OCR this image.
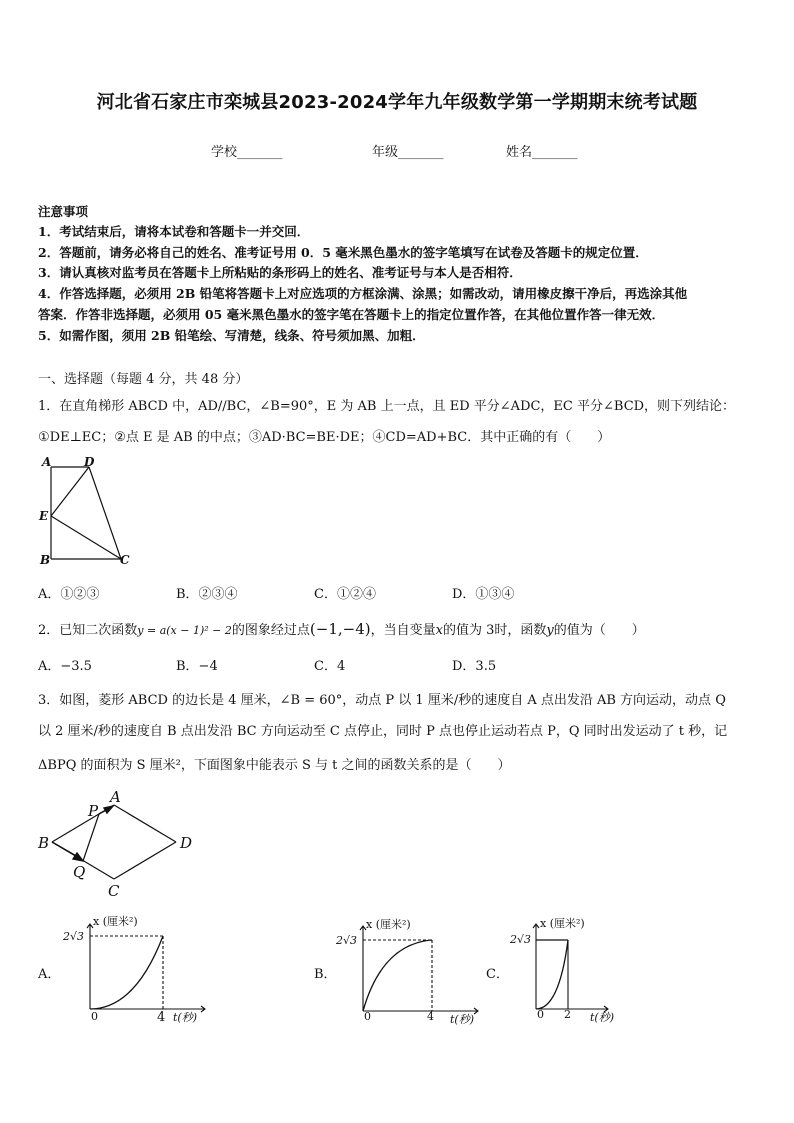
河北省石家庄市栾城县2023-2024学年九年级数学第一学期期末统考试题
学校_______	年级_______	姓名_______
注意事项
1．考试结束后，请将本试卷和答题卡一并交回．
2．答题前，请务必将自己的姓名、准考证号用 0．5 毫米黑色墨水的签字笔填写在试卷及答题卡的规定位置．
3．请认真核对监考员在答题卡上所粘贴的条形码上的姓名、准考证号与本人是否相符．
4．作答选择题，必须用 2B 铅笔将答题卡上对应选项的方框涂满、涂黑；如需改动，请用橡皮擦干净后，再选涂其他
答案．作答非选择题，必须用 05 毫米黑色墨水的签字笔在答题卡上的指定位置作答，在其他位置作答一律无效．
5．如需作图，须用 2B 铅笔绘、写清楚，线条、符号须加黑、加粗．
一、选择题（每题 4 分，共 48 分）
1．在直角梯形 ABCD 中，AD//BC，∠B=90°，E 为 AB 上一点，且 ED 平分∠ADC，EC 平分∠BCD，则下列结论：
①DE⊥EC；②点 E 是 AB 的中点；③AD·BC=BE·DE；④CD=AD+BC．其中正确的有（　　）
A	D
E
B	C
A．①②③	B．②③④	C．①②④	D．①③④
2．已知二次函数y = a(x − 1)² − 2的图象经过点(−1,−4)，当自变量x的值为 3时，函数y的值为（　　）
A．−3.5	B．−4	C．4	D．3.5
3．如图，菱形 ABCD 的边长是 4 厘米，∠B = 60°，动点 P 以 1 厘米/秒的速度自 A 点出发沿 AB 方向运动，动点 Q
以 2 厘米/秒的速度自 B 点出发沿 BC 方向运动至 C 点停止，同时 P 点也停止运动若点 P，Q 同时出发运动了 t 秒，记
ΔBPQ 的面积为 S 厘米²，下面图象中能表示 S 与 t 之间的函数关系的是（　　）
P
A
B	D
Q
C
A．
x (厘米²)
2√3
0	4 t(秒)
B．
x (厘米²)
2√3
0	4 t(秒)
C．
x (厘米²)
2√3
0 2 t(秒)
